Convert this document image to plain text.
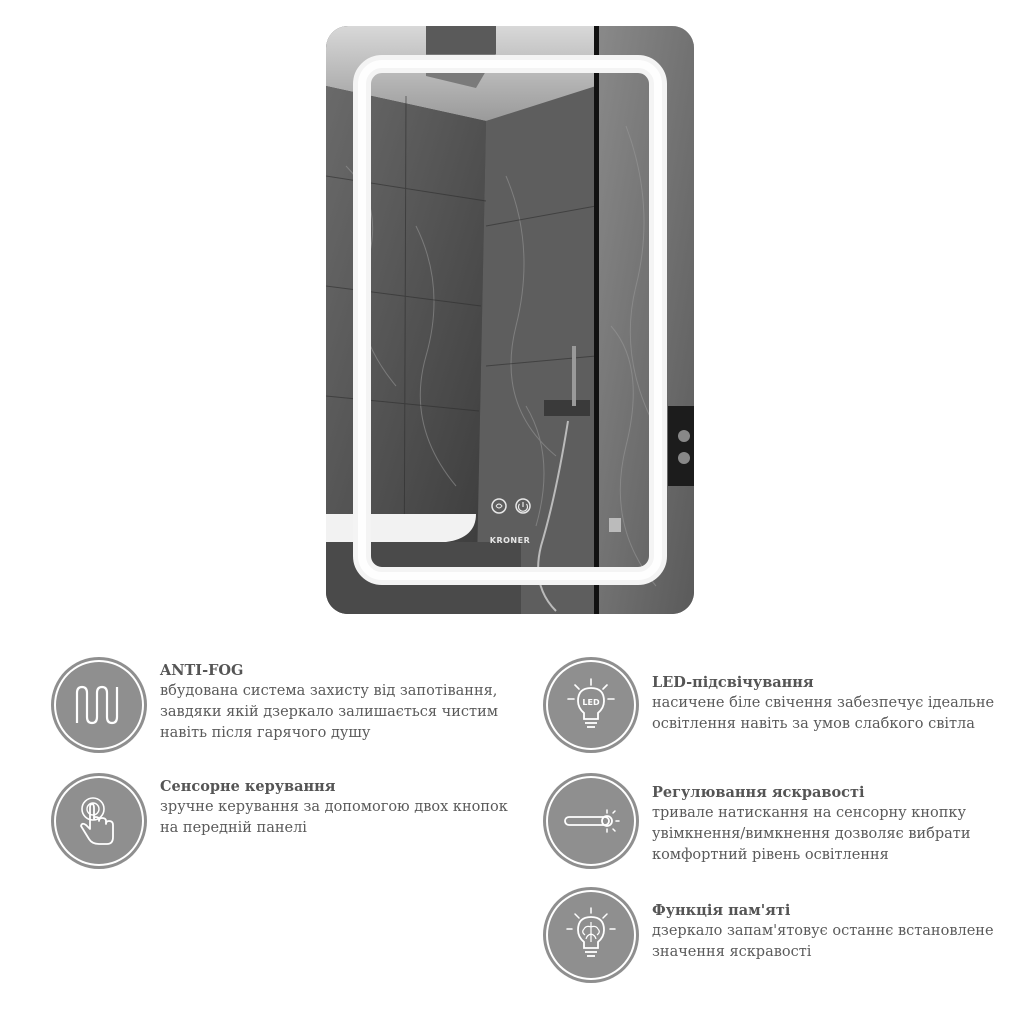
KRONER

ANTI-FOG

вбудована система захисту від запотівання,
завдяки якій дзеркало залишається чистим
навіть після гарячого душу

Сенсорне керування

зручне керування за допомогою двох кнопок
на передній панелі

LED

LED-підсвічування

насичене біле свічення забезпечує ідеальне
освітлення навіть за умов слабкого світла

Регулювання яскравості

тривале натискання на сенсорну кнопку
увімкнення/вимкнення дозволяє вибрати
комфортний рівень освітлення

Функція пам'яті

дзеркало запам'ятовує останнє встановлене
значення яскравості
